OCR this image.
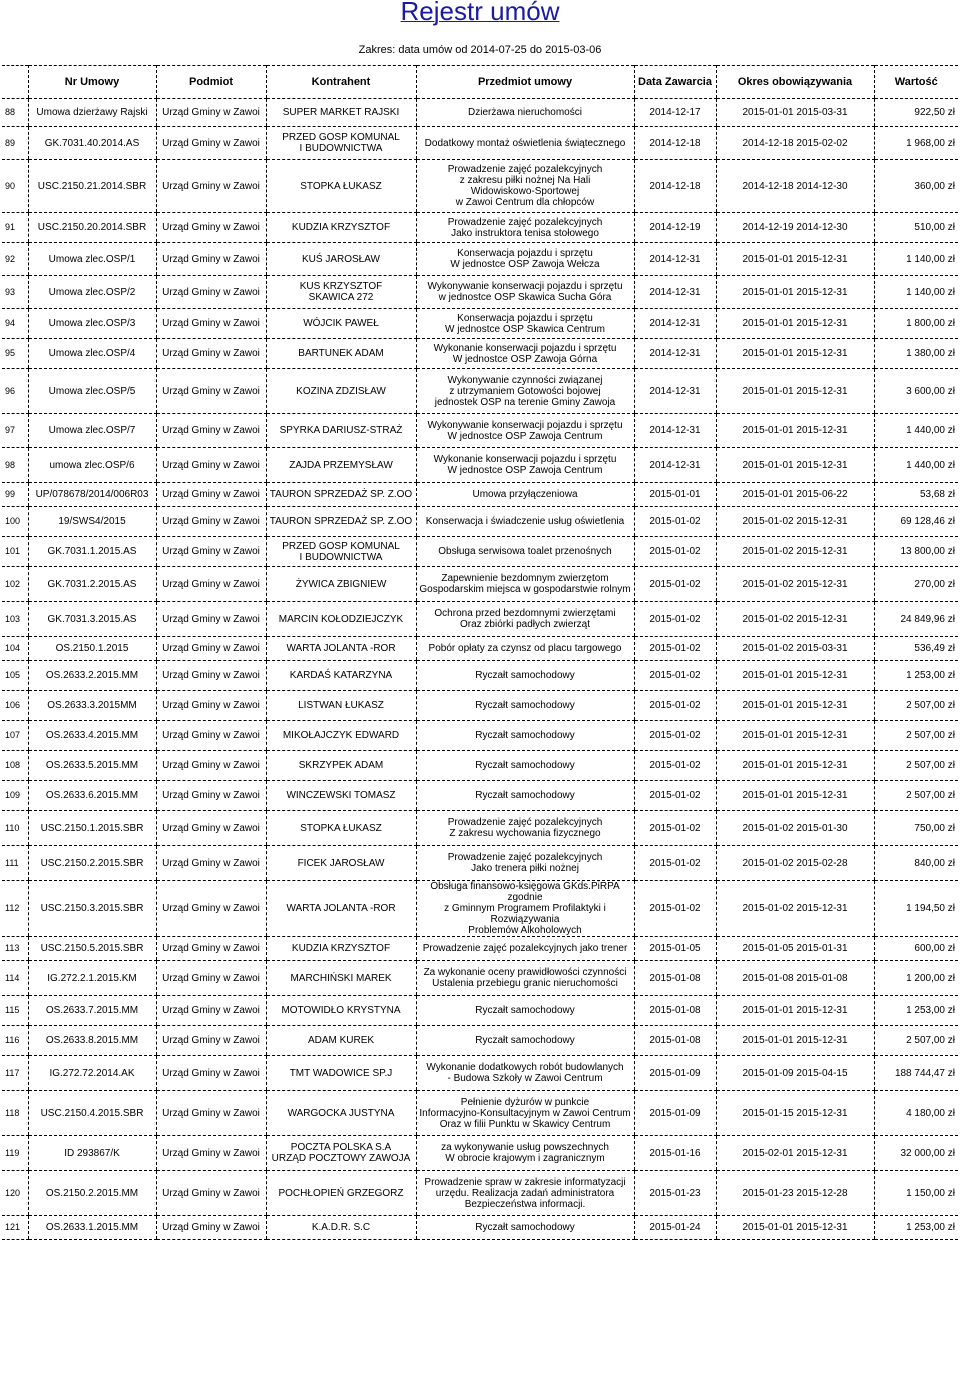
Rejestr umów
Zakres: data umów od 2014-07-25 do 2015-03-06
	Nr Umowy	Podmiot	Kontrahent	Przedmiot umowy	Data Zawarcia	Okres obowiązywania	Wartość
88	Umowa dzierżawy Rajski	Urząd Gminy w Zawoi	SUPER MARKET RAJSKI	Dzierżawa nieruchomości	2014-12-17	2015-01-01 2015-03-31	922,50 zł
89	GK.7031.40.2014.AS	Urząd Gminy w Zawoi	PRZED GOSP KOMUNAL
I BUDOWNICTWA	Dodatkowy montaż oświetlenia świątecznego	2014-12-18	2014-12-18 2015-02-02	1 968,00 zł
90	USC.2150.21.2014.SBR	Urząd Gminy w Zawoi	STOPKA ŁUKASZ	Prowadzenie zajęć pozalekcyjnych
z zakresu piłki nożnej Na Hali
Widowiskowo-Sportowej
w Zawoi Centrum dla chłopców	2014-12-18	2014-12-18 2014-12-30	360,00 zł
91	USC.2150.20.2014.SBR	Urząd Gminy w Zawoi	KUDZIA KRZYSZTOF	Prowadzenie zajęć pozalekcyjnych
Jako instruktora tenisa stołowego	2014-12-19	2014-12-19 2014-12-30	510,00 zł
92	Umowa zlec.OSP/1	Urząd Gminy w Zawoi	KUŚ JAROSŁAW	Konserwacja pojazdu i sprzętu
W jednostce OSP Zawoja Wełcza	2014-12-31	2015-01-01 2015-12-31	1 140,00 zł
93	Umowa zlec.OSP/2	Urząd Gminy w Zawoi	KUS KRZYSZTOF
SKAWICA 272	Wykonywanie konserwacji pojazdu i sprzętu
w jednostce OSP Skawica Sucha Góra	2014-12-31	2015-01-01 2015-12-31	1 140,00 zł
94	Umowa zlec.OSP/3	Urząd Gminy w Zawoi	WÓJCIK PAWEŁ	Konserwacja pojazdu i sprzętu
W jednostce OSP Skawica Centrum	2014-12-31	2015-01-01 2015-12-31	1 800,00 zł
95	Umowa zlec.OSP/4	Urząd Gminy w Zawoi	BARTUNEK ADAM	Wykonanie konserwacji pojazdu i sprzętu
W jednostce OSP Zawoja Górna	2014-12-31	2015-01-01 2015-12-31	1 380,00 zł
96	Umowa zlec.OSP/5	Urząd Gminy w Zawoi	KOZINA ZDZISŁAW	Wykonywanie czynności związanej
z utrzymaniem Gotowości bojowej
jednostek OSP na terenie Gminy Zawoja	2014-12-31	2015-01-01 2015-12-31	3 600,00 zł
97	Umowa zlec.OSP/7	Urząd Gminy w Zawoi	SPYRKA DARIUSZ-STRAŻ	Wykonywanie konserwacji pojazdu i sprzętu
W jednostce OSP Zawoja Centrum	2014-12-31	2015-01-01 2015-12-31	1 440,00 zł
98	umowa zlec.OSP/6	Urząd Gminy w Zawoi	ZAJDA PRZEMYSŁAW	Wykonanie konserwacji pojazdu i sprzętu
W jednostce OSP Zawoja Centrum	2014-12-31	2015-01-01 2015-12-31	1 440,00 zł
99	UP/078678/2014/006R03	Urząd Gminy w Zawoi	TAURON SPRZEDAŻ SP. Z.OO	Umowa przyłączeniowa	2015-01-01	2015-01-01 2015-06-22	53,68 zł
100	19/SWS4/2015	Urząd Gminy w Zawoi	TAURON SPRZEDAŻ SP. Z.OO	Konserwacja i świadczenie usług oświetlenia	2015-01-02	2015-01-02 2015-12-31	69 128,46 zł
101	GK.7031.1.2015.AS	Urząd Gminy w Zawoi	PRZED GOSP KOMUNAL
I BUDOWNICTWA	Obsługa serwisowa toalet przenośnych	2015-01-02	2015-01-02 2015-12-31	13 800,00 zł
102	GK.7031.2.2015.AS	Urząd Gminy w Zawoi	ŻYWICA ZBIGNIEW	Zapewnienie bezdomnym zwierzętom
Gospodarskim miejsca w gospodarstwie rolnym	2015-01-02	2015-01-02 2015-12-31	270,00 zł
103	GK.7031.3.2015.AS	Urząd Gminy w Zawoi	MARCIN KOŁODZIEJCZYK	Ochrona przed bezdomnymi zwierzętami
Oraz zbiórki padłych zwierząt	2015-01-02	2015-01-02 2015-12-31	24 849,96 zł
104	OS.2150.1.2015	Urząd Gminy w Zawoi	WARTA JOLANTA -ROR	Pobór opłaty za czynsz od placu targowego	2015-01-02	2015-01-02 2015-03-31	536,49 zł
105	OS.2633.2.2015.MM	Urząd Gminy w Zawoi	KARDAŚ KATARZYNA	Ryczałt samochodowy	2015-01-02	2015-01-01 2015-12-31	1 253,00 zł
106	OS.2633.3.2015MM	Urząd Gminy w Zawoi	LISTWAN ŁUKASZ	Ryczałt samochodowy	2015-01-02	2015-01-01 2015-12-31	2 507,00 zł
107	OS.2633.4.2015.MM	Urząd Gminy w Zawoi	MIKOŁAJCZYK EDWARD	Ryczałt samochodowy	2015-01-02	2015-01-01 2015-12-31	2 507,00 zł
108	OS.2633.5.2015.MM	Urząd Gminy w Zawoi	SKRZYPEK ADAM	Ryczałt samochodowy	2015-01-02	2015-01-01 2015-12-31	2 507,00 zł
109	OS.2633.6.2015.MM	Urząd Gminy w Zawoi	WINCZEWSKI TOMASZ	Ryczałt samochodowy	2015-01-02	2015-01-01 2015-12-31	2 507,00 zł
110	USC.2150.1.2015.SBR	Urząd Gminy w Zawoi	STOPKA ŁUKASZ	Prowadzenie zajęć pozalekcyjnych
Z zakresu wychowania fizycznego	2015-01-02	2015-01-02 2015-01-30	750,00 zł
111	USC.2150.2.2015.SBR	Urząd Gminy w Zawoi	FICEK JAROSŁAW	Prowadzenie zajęć pozalekcyjnych
Jako trenera piłki nożnej	2015-01-02	2015-01-02 2015-02-28	840,00 zł
112	USC.2150.3.2015.SBR	Urząd Gminy w Zawoi	WARTA JOLANTA -ROR	Obsługa finansowo-księgowa GKds.PiRPA zgodnie
z Gminnym Programem Profilaktyki i Rozwiązywania
Problemów Alkoholowych	2015-01-02	2015-01-02 2015-12-31	1 194,50 zł
113	USC.2150.5.2015.SBR	Urząd Gminy w Zawoi	KUDZIA KRZYSZTOF	Prowadzenie zajęć pozalekcyjnych jako trener	2015-01-05	2015-01-05 2015-01-31	600,00 zł
114	IG.272.2.1.2015.KM	Urząd Gminy w Zawoi	MARCHIŃSKI MAREK	Za wykonanie oceny prawidłowości czynności
Ustalenia przebiegu granic nieruchomości	2015-01-08	2015-01-08 2015-01-08	1 200,00 zł
115	OS.2633.7.2015.MM	Urząd Gminy w Zawoi	MOTOWIDŁO KRYSTYNA	Ryczałt samochodowy	2015-01-08	2015-01-01 2015-12-31	1 253,00 zł
116	OS.2633.8.2015.MM	Urząd Gminy w Zawoi	ADAM KUREK	Ryczałt samochodowy	2015-01-08	2015-01-01 2015-12-31	2 507,00 zł
117	IG.272.72.2014.AK	Urząd Gminy w Zawoi	TMT WADOWICE SP.J	Wykonanie dodatkowych robót budowlanych
- Budowa Szkoły w Zawoi Centrum	2015-01-09	2015-01-09 2015-04-15	188 744,47 zł
118	USC.2150.4.2015.SBR	Urząd Gminy w Zawoi	WARGOCKA JUSTYNA	Pełnienie dyżurów w punkcie
Informacyjno-Konsultacyjnym w Zawoi Centrum
Oraz w filii Punktu w Skawicy Centrum	2015-01-09	2015-01-15 2015-12-31	4 180,00 zł
119	ID 293867/K	Urząd Gminy w Zawoi	POCZTA POLSKA S.A
URZĄD POCZTOWY ZAWOJA	za wykonywanie usług powszechnych
W obrocie krajowym i zagranicznym	2015-01-16	2015-02-01 2015-12-31	32 000,00 zł
120	OS.2150.2.2015.MM	Urząd Gminy w Zawoi	POCHŁOPIEŃ GRZEGORZ	Prowadzenie spraw w zakresie informatyzacji
urzędu. Realizacja zadań administratora
Bezpieczeństwa informacji.	2015-01-23	2015-01-23 2015-12-28	1 150,00 zł
121	OS.2633.1.2015.MM	Urząd Gminy w Zawoi	K.A.D.R. S.C	Ryczałt samochodowy	2015-01-24	2015-01-01 2015-12-31	1 253,00 zł
